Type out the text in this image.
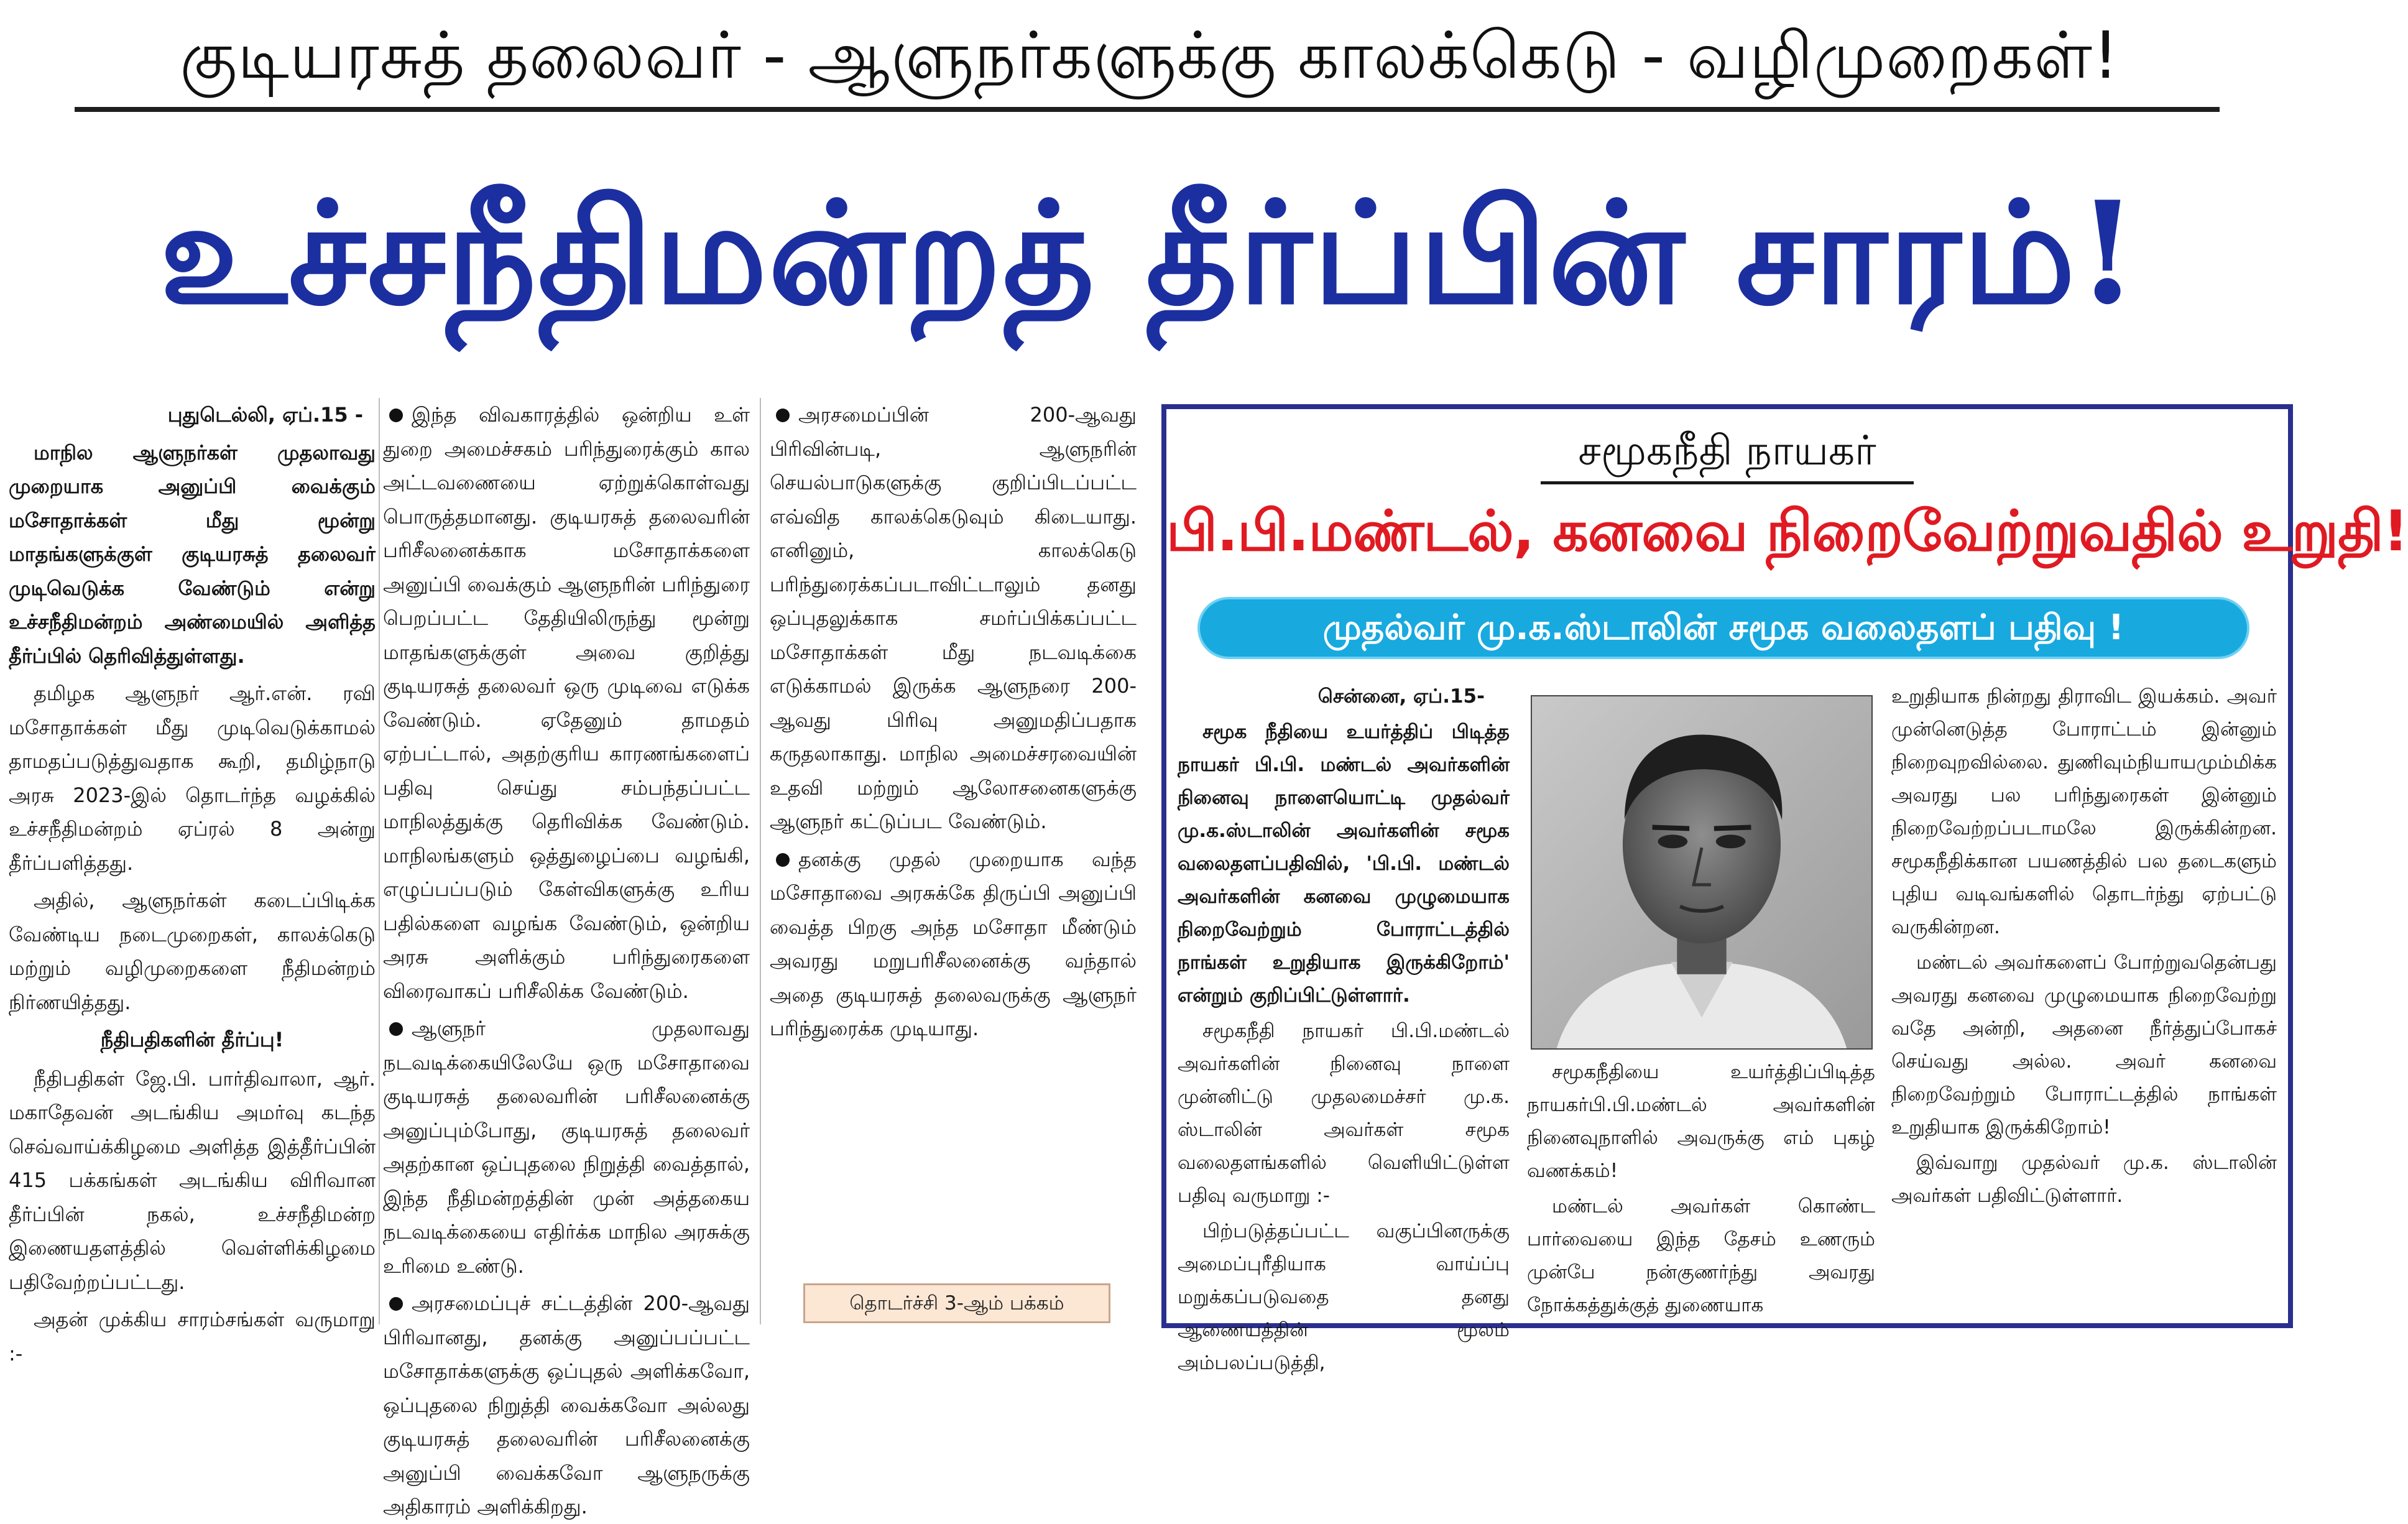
குடியரசுத் தலைவர் - ஆளுநர்களுக்கு காலக்கெடு - வழிமுறைகள்!
உச்சநீதிமன்றத் தீர்ப்பின் சாரம்!

புதுடெல்லி, ஏப்.15 -

மாநில ஆளுநர்கள் முதலாவது முறையாக அனுப்பி வைக்கும் மசோதாக்கள் மீது மூன்று மாதங்களுக்குள் குடியரசுத் தலைவர் முடிவெடுக்க வேண்டும் என்று உச்சநீதிமன்றம் அண்மையில் அளித்த தீர்ப்பில் தெரிவித்துள்ளது.

தமிழக ஆளுநர் ஆர்.என். ரவி மசோதாக்கள் மீது முடிவெடுக்காமல் தாமதப்படுத்துவதாக கூறி, தமிழ்நாடு அரசு 2023-இல் தொடர்ந்த வழக்கில் உச்சநீதிமன்றம் ஏப்ரல் 8 அன்று தீர்ப்பளித்தது.

அதில், ஆளுநர்கள் கடைப்பிடிக்க வேண்டிய நடைமுறைகள், காலக்கெடு மற்றும் வழிமுறைகளை நீதிமன்றம் நிர்ணயித்தது.

நீதிபதிகளின் தீர்ப்பு!

நீதிபதிகள் ஜே.பி. பார்திவாலா, ஆர். மகாதேவன் அடங்கிய அமர்வு கடந்த செவ்வாய்க்கிழமை அளித்த இத்தீர்ப்பின் 415 பக்கங்கள் அடங்கிய விரிவான தீர்ப்பின் நகல், உச்சநீதிமன்ற இணையதளத்தில் வெள்ளிக்கிழமை பதிவேற்றப்பட்டது.

அதன் முக்கிய சாரம்சங்கள் வருமாறு :-

இந்த விவகாரத்தில் ஒன்றிய உள் துறை அமைச்சகம் பரிந்துரைக்கும் கால அட்டவணையை ஏற்றுக்கொள்வது பொருத்தமானது. குடியரசுத் தலைவரின் பரிசீலனைக்காக மசோதாக்களை அனுப்பி வைக்கும் ஆளுநரின் பரிந்துரை பெறப்பட்ட தேதியிலிருந்து மூன்று மாதங்களுக்குள் அவை குறித்து குடியரசுத் தலைவர் ஒரு முடிவை எடுக்க வேண்டும். ஏதேனும் தாமதம் ஏற்பட்டால், அதற்குரிய காரணங்களைப் பதிவு செய்து சம்பந்தப்பட்ட மாநிலத்துக்கு தெரிவிக்க வேண்டும். மாநிலங்களும் ஒத்துழைப்பை வழங்கி, எழுப்பப்படும் கேள்விகளுக்கு உரிய பதில்களை வழங்க வேண்டும், ஒன்றிய அரசு அளிக்கும் பரிந்துரைகளை விரைவாகப் பரிசீலிக்க வேண்டும்.

ஆளுநர் முதலாவது நடவடிக்கையிலேயே ஒரு மசோதாவை குடியரசுத் தலைவரின் பரிசீலனைக்கு அனுப்பும்போது, குடியரசுத் தலைவர் அதற்கான ஒப்புதலை நிறுத்தி வைத்தால், இந்த நீதிமன்றத்தின் முன் அத்தகைய நடவடிக்கையை எதிர்க்க மாநில அரசுக்கு உரிமை உண்டு.

அரசமைப்புச் சட்டத்தின் 200-ஆவது பிரிவானது, தனக்கு அனுப்பப்பட்ட மசோதாக்களுக்கு ஒப்புதல் அளிக்கவோ, ஒப்புதலை நிறுத்தி வைக்கவோ அல்லது குடியரசுத் தலைவரின் பரிசீலனைக்கு அனுப்பி வைக்கவோ ஆளுநருக்கு அதிகாரம் அளிக்கிறது.

அரசமைப்பின் 200-ஆவது பிரிவின்படி, ஆளுநரின் செயல்பாடுகளுக்கு குறிப்பிடப்பட்ட எவ்வித காலக்கெடுவும் கிடையாது. எனினும், காலக்கெடு பரிந்துரைக்கப்படாவிட்டாலும் தனது ஒப்புதலுக்காக சமர்ப்பிக்கப்பட்ட மசோதாக்கள் மீது நடவடிக்கை எடுக்காமல் இருக்க ஆளுநரை 200-ஆவது பிரிவு அனுமதிப்பதாக கருதலாகாது. மாநில அமைச்சரவையின் உதவி மற்றும் ஆலோசனைகளுக்கு ஆளுநர் கட்டுப்பட வேண்டும்.

தனக்கு முதல் முறையாக வந்த மசோதாவை அரசுக்கே திருப்பி அனுப்பி வைத்த பிறகு அந்த மசோதா மீண்டும் அவரது மறுபரிசீலனைக்கு வந்தால் அதை குடியரசுத் தலைவருக்கு ஆளுநர் பரிந்துரைக்க முடியாது.

தொடர்ச்சி 3-ஆம் பக்கம்
சமூகநீதி நாயகர்
பி.பி.மண்டல், கனவை நிறைவேற்றுவதில் உறுதி!
முதல்வர் மு.க.ஸ்டாலின் சமூக வலைதளப் பதிவு !

சென்னை, ஏப்.15-

சமூக நீதியை உயர்த்திப் பிடித்த நாயகர் பி.பி. மண்டல் அவர்களின் நினைவு நாளையொட்டி முதல்வர் மு.க.ஸ்டாலின் அவர்களின் சமூக வலைதளப்பதிவில், 'பி.பி. மண்டல் அவர்களின் கனவை முழுமையாக நிறைவேற்றும் போராட்டத்தில் நாங்கள் உறுதியாக இருக்கிறோம்' என்றும் குறிப்பிட்டுள்ளார்.

சமூகநீதி நாயகர் பி.பி.மண்டல் அவர்களின் நினைவு நாளை முன்னிட்டு முதலமைச்சர் மு.க. ஸ்டாலின் அவர்கள் சமூக வலைதளங்களில் வெளியிட்டுள்ள பதிவு வருமாறு :-

பிற்படுத்தப்பட்ட வகுப்பினருக்கு அமைப்புரீதியாக வாய்ப்பு மறுக்கப்படுவதை தனது ஆணையத்தின் மூலம் அம்பலப்படுத்தி,

சமூகநீதியை உயர்த்திப்பிடித்த நாயகர்பி.பி.மண்டல் அவர்களின் நினைவுநாளில் அவருக்கு எம் புகழ் வணக்கம்!

மண்டல் அவர்கள் கொண்ட பார்வையை இந்த தேசம் உணரும் முன்பே நன்குணர்ந்து அவரது நோக்கத்துக்குத் துணையாக

உறுதியாக நின்றது திராவிட இயக்கம். அவர் முன்னெடுத்த போராட்டம் இன்னும் நிறைவுறவில்லை. துணிவும்நியாயமும்மிக்க அவரது பல பரிந்துரைகள் இன்னும் நிறைவேற்றப்படாமலே இருக்கின்றன. சமூகநீதிக்கான பயணத்தில் பல தடைகளும் புதிய வடிவங்களில் தொடர்ந்து ஏற்பட்டு வருகின்றன.

மண்டல் அவர்களைப் போற்றுவதென்பது அவரது கனவை முழுமையாக நிறைவேற்று வதே அன்றி, அதனை நீர்த்துப்போகச் செய்வது அல்ல. அவர் கனவை நிறைவேற்றும் போராட்டத்தில் நாங்கள் உறுதியாக இருக்கிறோம்!

இவ்வாறு முதல்வர் மு.க. ஸ்டாலின் அவர்கள் பதிவிட்டுள்ளார்.
